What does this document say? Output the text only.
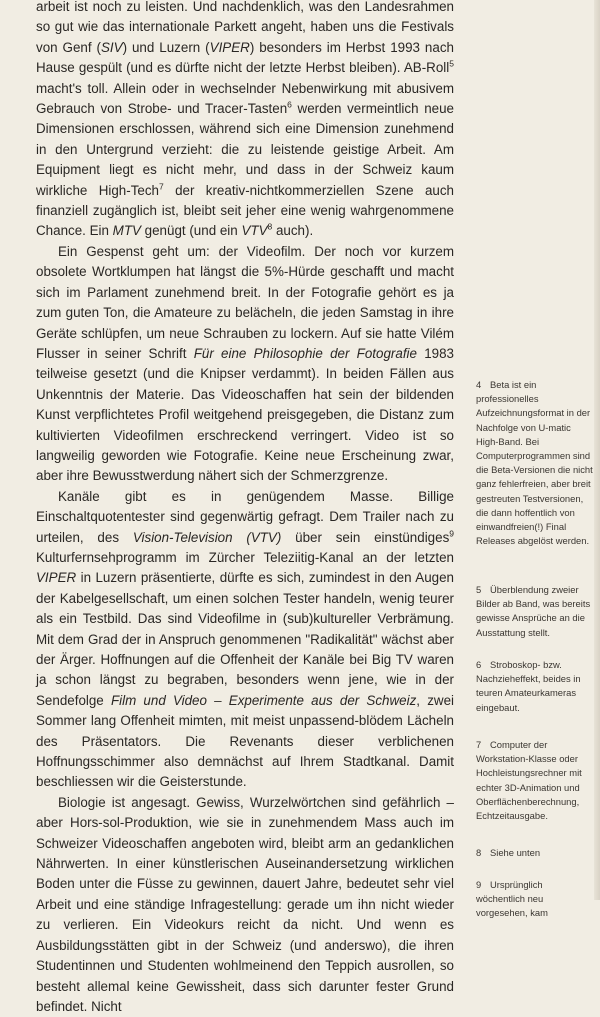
arbeit ist noch zu leisten. Und nachdenklich, was den Landesrahmen so gut wie das internationale Parkett angeht, haben uns die Festivals von Genf (SIV) und Luzern (VIPER) besonders im Herbst 1993 nach Hause gespült (und es dürfte nicht der letzte Herbst bleiben). AB-Roll$^5$ macht's toll. Allein oder in wechselnder Nebenwirkung mit abusivem Gebrauch von Strobe- und Tracer-Tasten$^6$ werden vermeintlich neue Dimensionen erschlossen, während sich eine Dimension zunehmend in den Untergrund verzieht: die zu leistende geistige Arbeit. Am Equipment liegt es nicht mehr, und dass in der Schweiz kaum wirkliche High-Tech$^7$ der kreativ-nichtkommerziellen Szene auch finanziell zugänglich ist, bleibt seit jeher eine wenig wahrgenommene Chance. Ein MTV genügt (und ein VTV$^8$ auch).

Ein Gespenst geht um: der Videofilm. Der noch vor kurzem obsolete Wortklumpen hat längst die 5%-Hürde geschafft und macht sich im Parlament zunehmend breit. In der Fotografie gehört es ja zum guten Ton, die Amateure zu belächeln, die jeden Samstag in ihre Geräte schlüpfen, um neue Schrauben zu lockern. Auf sie hatte Vilém Flusser in seiner Schrift Für eine Philosophie der Fotografie 1983 teilweise gesetzt (und die Knipser verdammt). In beiden Fällen aus Unkenntnis der Materie. Das Videoschaffen hat sein der bildenden Kunst verpflichtetes Profil weitgehend preisgegeben, die Distanz zum kultivierten Videofilmen erschreckend verringert. Video ist so langweilig geworden wie Fotografie. Keine neue Erscheinung zwar, aber ihre Bewusstwerdung nähert sich der Schmerzgrenze.

Kanäle gibt es in genügendem Masse. Billige Einschaltquotentester sind gegenwärtig gefragt. Dem Trailer nach zu urteilen, des Vision-Television (VTV) über sein einstündiges$^9$ Kulturfernsehprogramm im Zürcher Teleziitig-Kanal an der letzten VIPER in Luzern präsentierte, dürfte es sich, zumindest in den Augen der Kabelgesellschaft, um einen solchen Tester handeln, wenig teurer als ein Testbild. Das sind Videofilme in (sub)kultureller Verbrämung. Mit dem Grad der in Anspruch genommenen "Radikalität" wächst aber der Ärger. Hoffnungen auf die Offenheit der Kanäle bei Big TV waren ja schon längst zu begraben, besonders wenn jene, wie in der Sendefolge Film und Video – Experimente aus der Schweiz, zwei Sommer lang Offenheit mimten, mit meist unpassend-blödem Lächeln des Präsentators. Die Revenants dieser verblichenen Hoffnungsschimmer also demnächst auf Ihrem Stadtkanal. Damit beschliessen wir die Geisterstunde.

Biologie ist angesagt. Gewiss, Wurzelwörtchen sind gefährlich – aber Hors-sol-Produktion, wie sie in zunehmendem Mass auch im Schweizer Videoschaffen angeboten wird, bleibt arm an gedanklichen Nährwerten. In einer künstlerischen Auseinandersetzung wirklichen Boden unter die Füsse zu gewinnen, dauert Jahre, bedeutet sehr viel Arbeit und eine ständige Infragestellung: gerade um ihn nicht wieder zu verlieren. Ein Videokurs reicht da nicht. Und wenn es Ausbildungsstätten gibt in der Schweiz (und anderswo), die ihren Studentinnen und Studenten wohlmeinend den Teppich ausrollen, so besteht allemal keine Gewissheit, dass sich darunter fester Grund befindet. Nicht

4 Beta ist ein professionelles Aufzeichnungsformat in der Nachfolge von U-matic High-Band. Bei Computerprogrammen sind die Beta-Versionen die nicht ganz fehlerfreien, aber breit gestreuten Testversionen, die dann hoffentlich von einwandfreien(!) Final Releases abgelöst werden.
5 Überblendung zweier Bilder ab Band, was bereits gewisse Ansprüche an die Ausstattung stellt.
6 Stroboskop- bzw. Nachzieheffekt, beides in teuren Amateurkameras eingebaut.
7 Computer der Workstation-Klasse oder Hochleistungsrechner mit echter 3D-Animation und Oberflächenberechnung, Echtzeitausgabe.
8 Siehe unten
9 Ursprünglich wöchentlich neu vorgesehen, kam
